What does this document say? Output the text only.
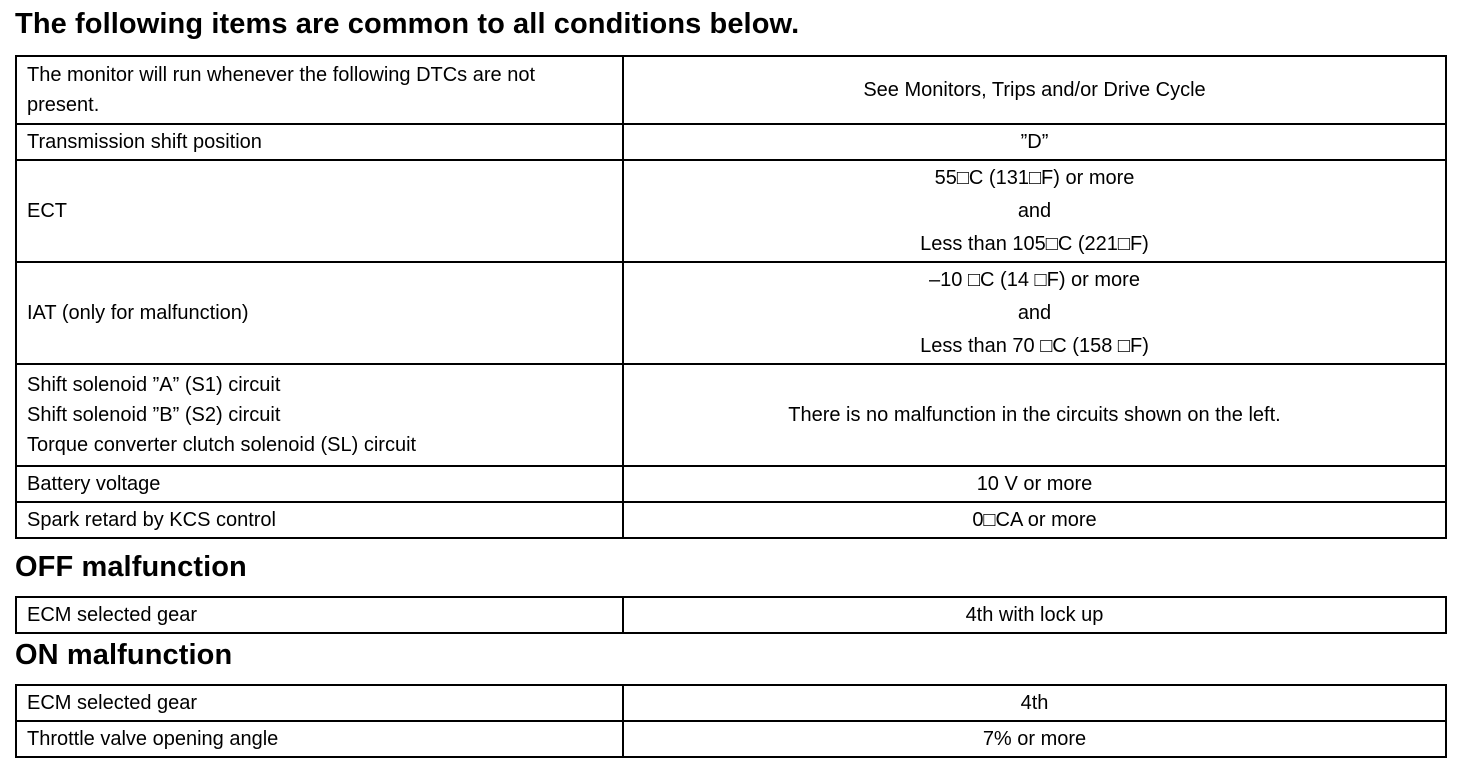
The following items are common to all conditions below.
The monitor will run whenever the following DTCs are not
present.	See Monitors, Trips and/or Drive Cycle

Transmission shift position	”D”

ECT	55□C (131□F) or more
and
Less than 105□C (221□F)

IAT (only for malfunction)	–10 □C (14 □F) or more
and
Less than 70 □C (158 □F)

Shift solenoid ”A” (S1) circuit
Shift solenoid ”B” (S2) circuit
Torque converter clutch solenoid (SL) circuit	There is no malfunction in the circuits shown on the left.

Battery voltage	10 V or more

Spark retard by KCS control	0□CA or more
OFF malfunction
ECM selected gear	4th with lock up
ON malfunction
ECM selected gear	4th

Throttle valve opening angle	7% or more
